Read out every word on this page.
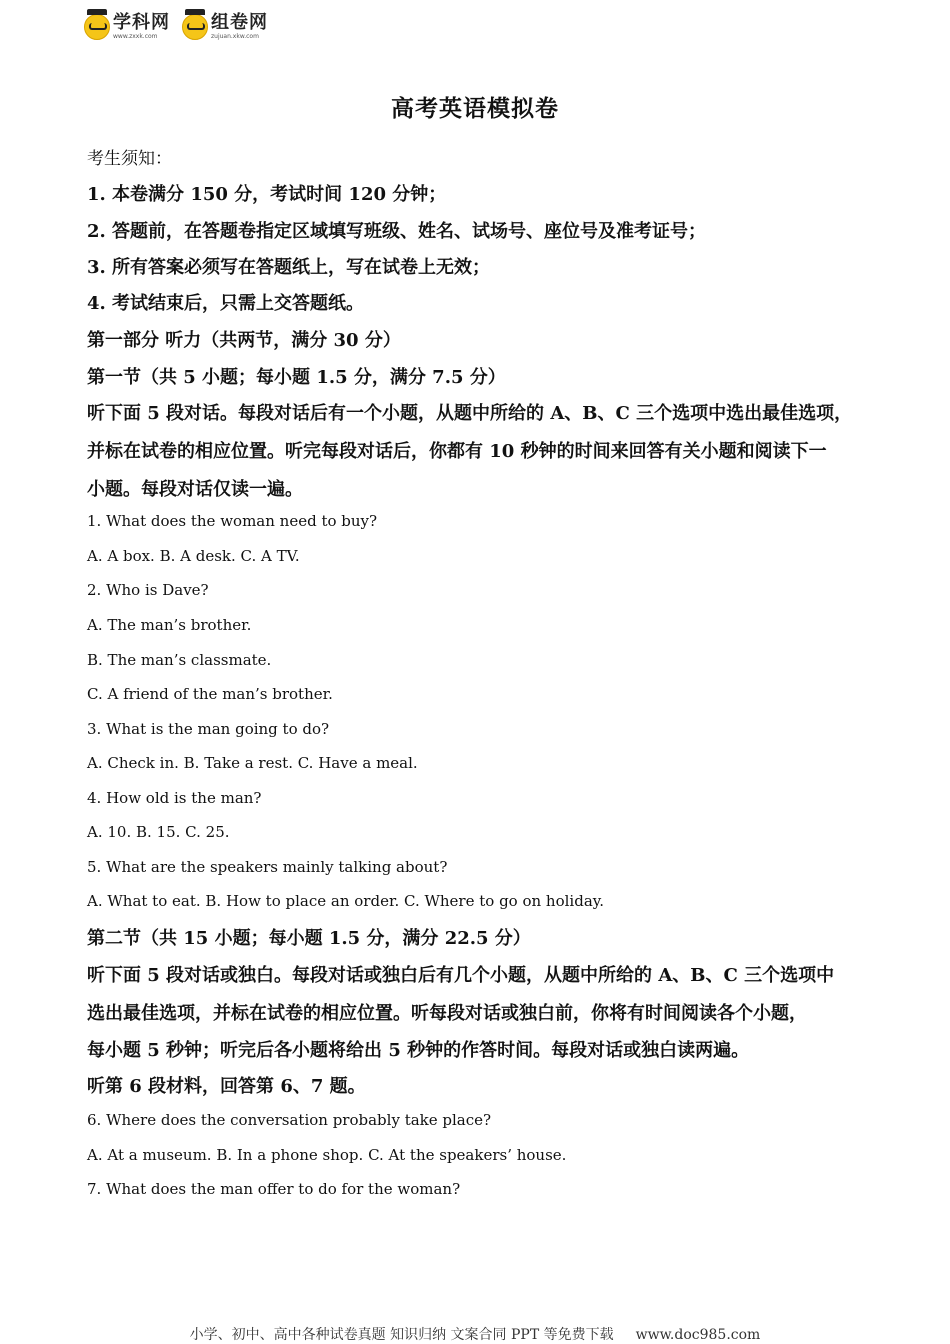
学科网
www.zxxk.com
组卷网
zujuan.xkw.com
高考英语模拟卷

考生须知：

1. 本卷满分 150 分，考试时间 120 分钟；

2. 答题前，在答题卷指定区域填写班级、姓名、试场号、座位号及准考证号；

3. 所有答案必须写在答题纸上，写在试卷上无效；

4. 考试结束后，只需上交答题纸。

第一部分 听力（共两节，满分 30 分）

第一节（共 5 小题；每小题 1.5 分，满分 7.5 分）

听下面 5 段对话。每段对话后有一个小题，从题中所给的 A、B、C 三个选项中选出最佳选项，

并标在试卷的相应位置。听完每段对话后，你都有 10 秒钟的时间来回答有关小题和阅读下一

小题。每段对话仅读一遍。

1. What does the woman need to buy?

A. A box. B. A desk. C. A TV.

2. Who is Dave?

A. The man’s brother.

B. The man’s classmate.

C. A friend of the man’s brother.

3. What is the man going to do?

A. Check in. B. Take a rest. C. Have a meal.

4. How old is the man?

A. 10. B. 15. C. 25.

5. What are the speakers mainly talking about?

A. What to eat. B. How to place an order. C. Where to go on holiday.

第二节（共 15 小题；每小题 1.5 分，满分 22.5 分）

听下面 5 段对话或独白。每段对话或独白后有几个小题，从题中所给的 A、B、C 三个选项中

选出最佳选项，并标在试卷的相应位置。听每段对话或独白前，你将有时间阅读各个小题，

每小题 5 秒钟；听完后各小题将给出 5 秒钟的作答时间。每段对话或独白读两遍。

听第 6 段材料，回答第 6、7 题。

6. Where does the conversation probably take place?

A. At a museum. B. In a phone shop. C. At the speakers’ house.

7. What does the man offer to do for the woman?

小学、初中、高中各种试卷真题 知识归纳 文案合同 PPT 等免费下载 www.doc985.com
